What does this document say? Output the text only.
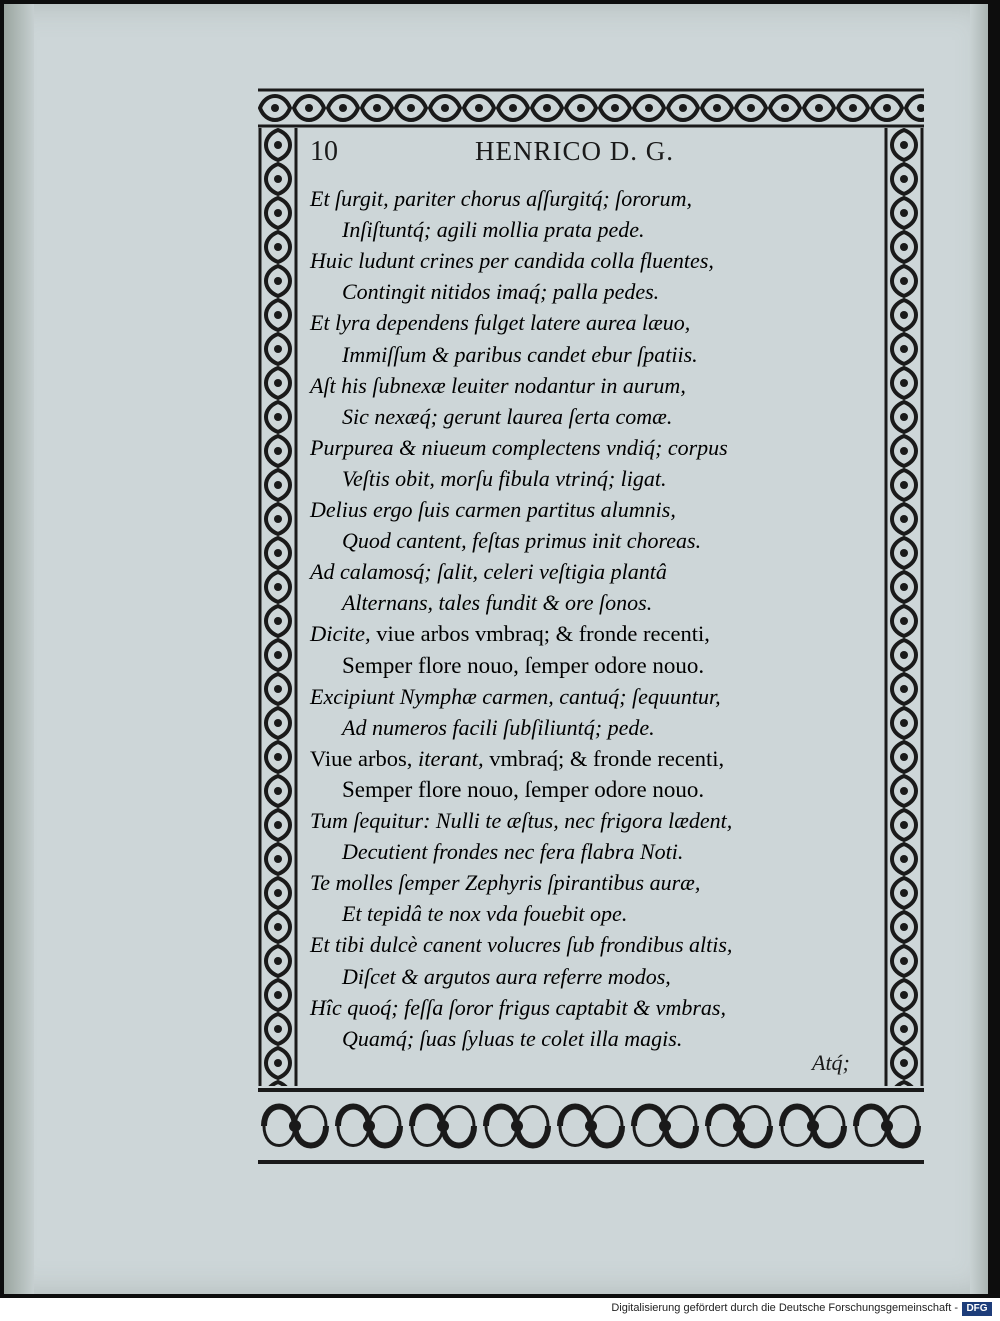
10	HENRICO D. G.
Et ſurgit, pariter chorus aſſurgitq́; ſororum,
Inſiſtuntq́; agili mollia prata pede.
Huic ludunt crines per candida colla fluentes,
Contingit nitidos imaq́; palla pedes.
Et lyra dependens fulget latere aurea læuo,
Immiſſum & paribus candet ebur ſpatiis.
Aſt his ſubnexæ leuiter nodantur in aurum,
Sic nexæq́; gerunt laurea ſerta comæ.
Purpurea & niueum complectens vndiq́; corpus
Veſtis obit, morſu fibula vtrinq́; ligat.
Delius ergo ſuis carmen partitus alumnis,
Quod cantent, feſtas primus init choreas.
Ad calamosq́; ſalit, celeri veſtigia plantâ
Alternans, tales fundit & ore ſonos.
Dicite, viue arbos vmbraq; & fronde recenti,
Semper flore nouo, ſemper odore nouo.
Excipiunt Nymphæ carmen, cantuq́; ſequuntur,
Ad numeros facili ſubſiliuntq́; pede.
Viue arbos, iterant, vmbraq́; & fronde recenti,
Semper flore nouo, ſemper odore nouo.
Tum ſequitur: Nulli te æſtus, nec frigora lædent,
Decutient frondes nec fera flabra Noti.
Te molles ſemper Zephyris ſpirantibus auræ,
Et tepidâ te nox vda fouebit ope.
Et tibi dulcè canent volucres ſub frondibus altis,
Diſcet & argutos aura referre modos,
Hîc quoq́; feſſa ſoror frigus captabit & vmbras,
Quamq́; ſuas ſyluas te colet illa magis.
Atq́;
Digitalisierung gefördert durch die Deutsche Forschungsgemeinschaft - DFG
